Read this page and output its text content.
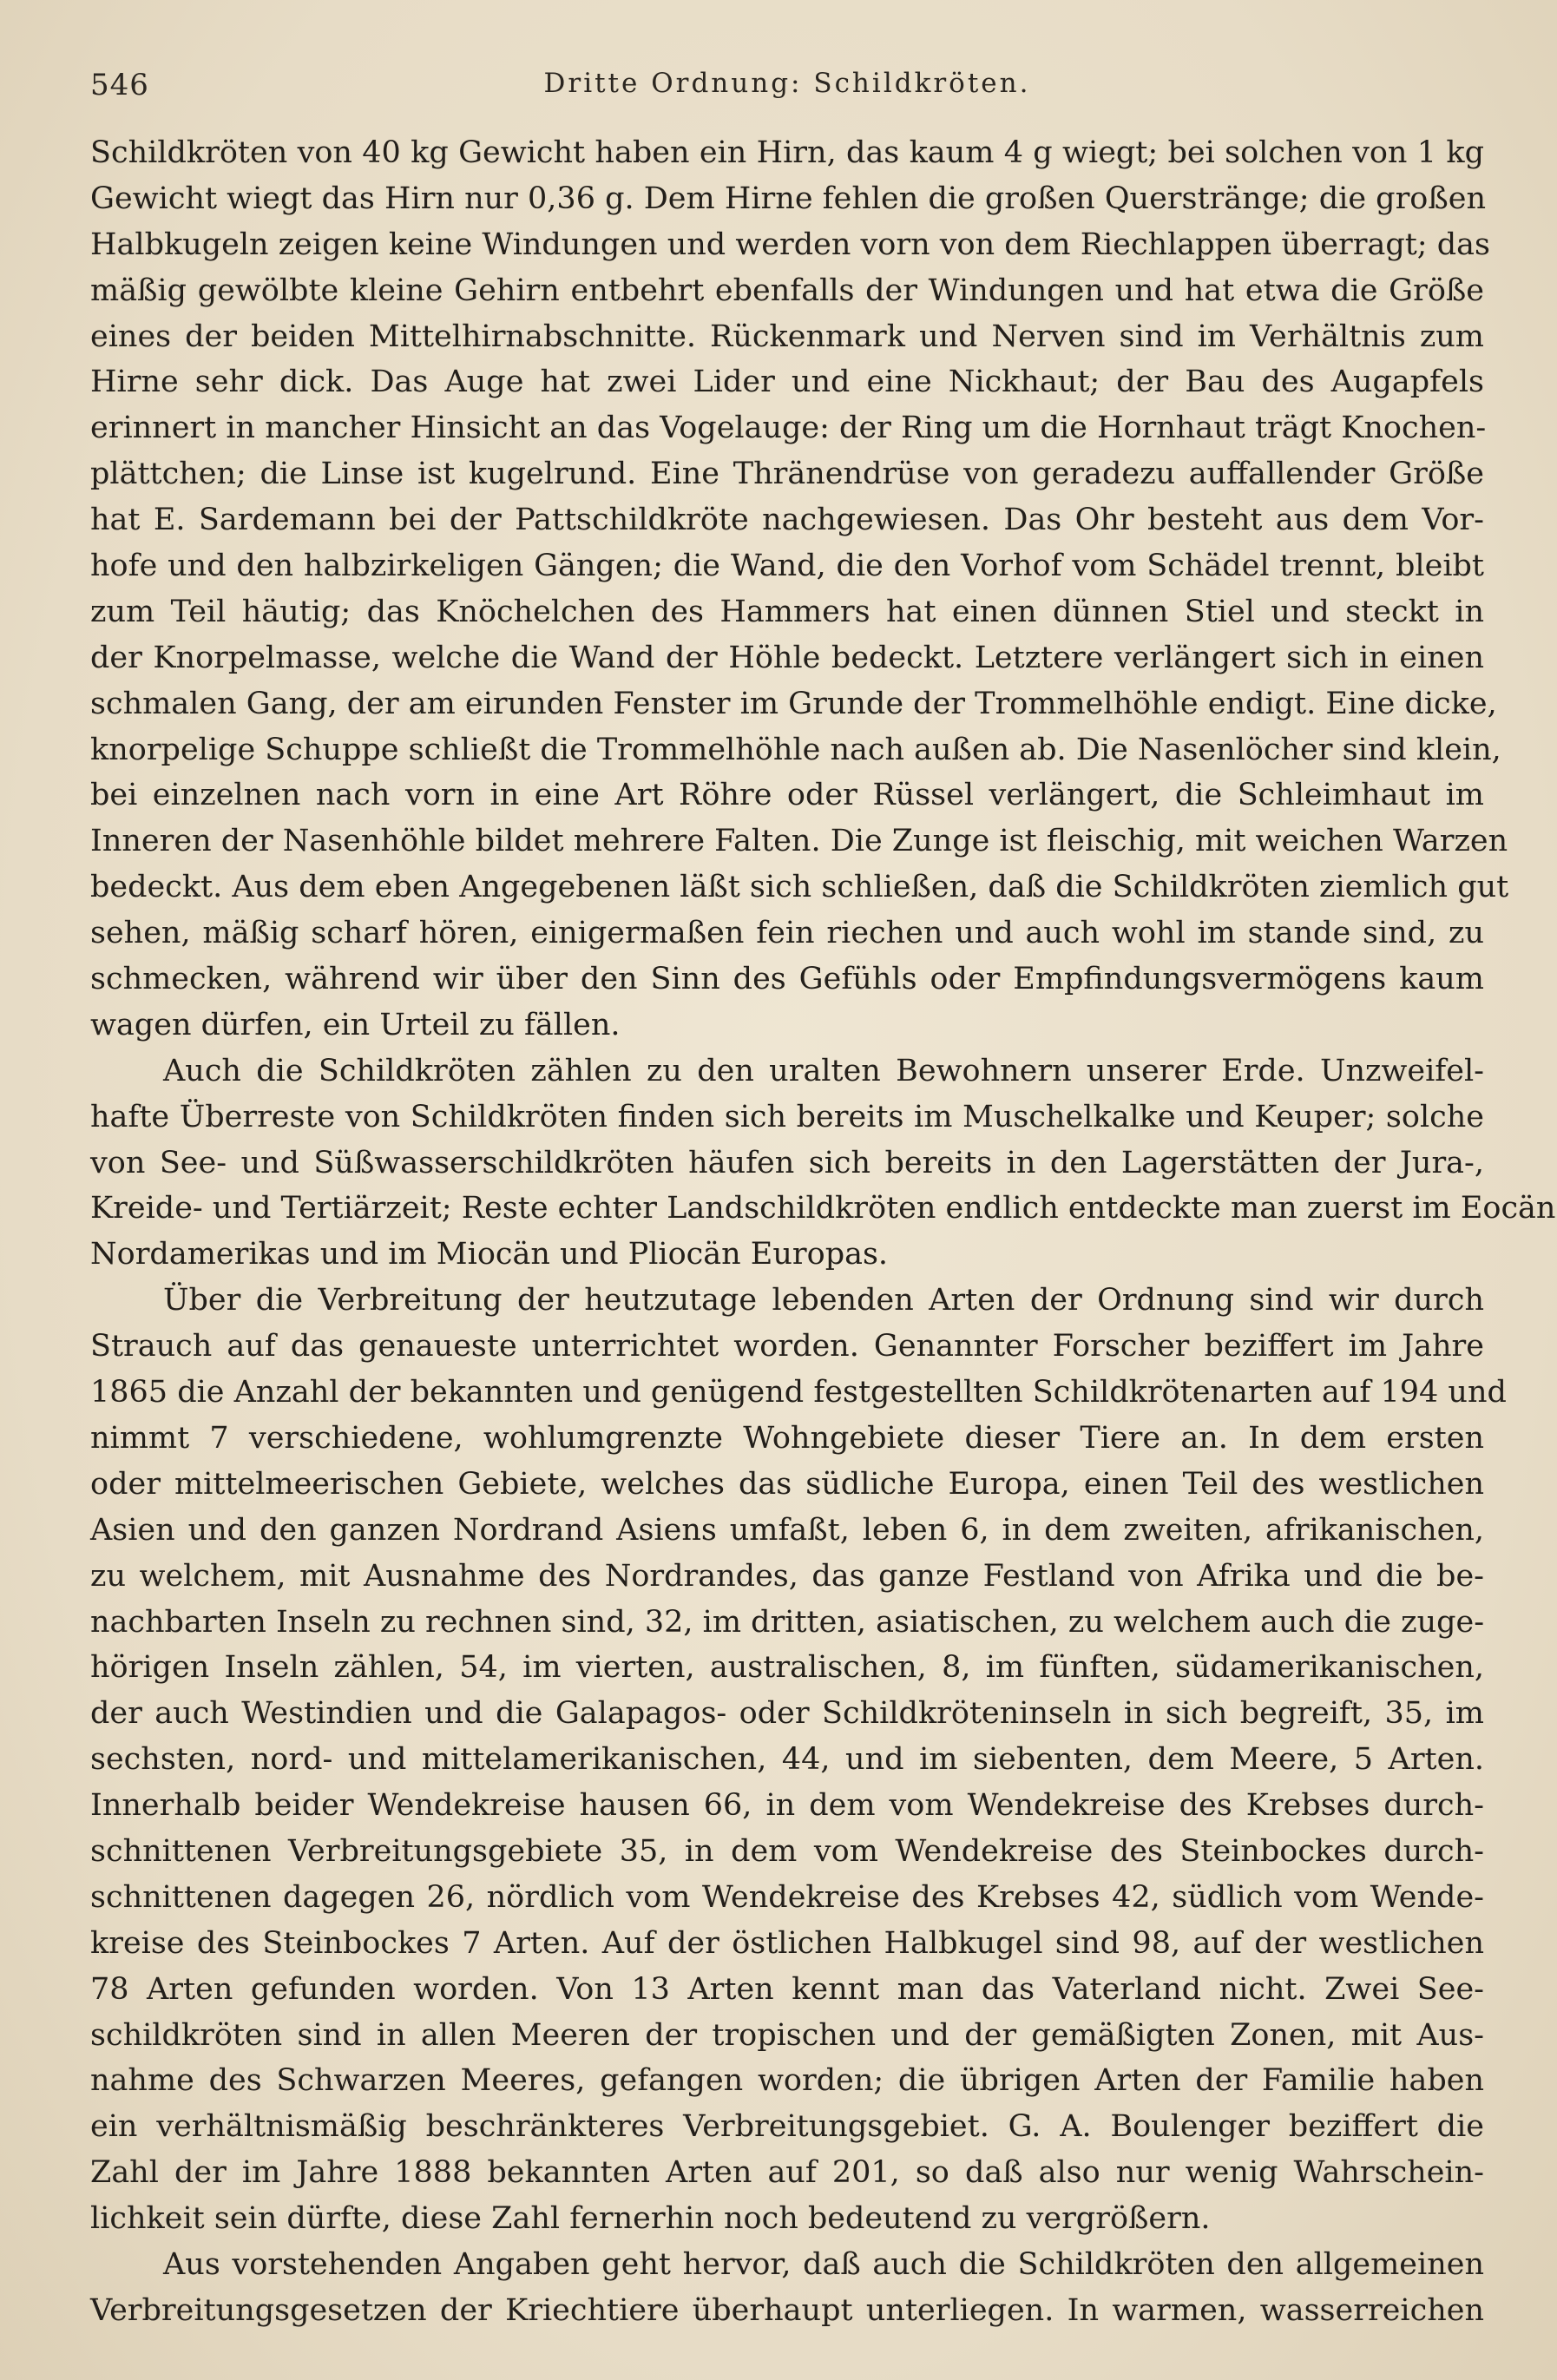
546	Dritte Ordnung: Schildkröten.
Schildkröten von 40 kg Gewicht haben ein Hirn, das kaum 4 g wiegt; bei solchen von 1 kg
Gewicht wiegt das Hirn nur 0,36 g. Dem Hirne fehlen die großen Querstränge; die großen
Halbkugeln zeigen keine Windungen und werden vorn von dem Riechlappen überragt; das
mäßig gewölbte kleine Gehirn entbehrt ebenfalls der Windungen und hat etwa die Größe
eines der beiden Mittelhirnabschnitte. Rückenmark und Nerven sind im Verhältnis zum
Hirne sehr dick. Das Auge hat zwei Lider und eine Nickhaut; der Bau des Augapfels
erinnert in mancher Hinsicht an das Vogelauge: der Ring um die Hornhaut trägt Knochen-
plättchen; die Linse ist kugelrund. Eine Thränendrüse von geradezu auffallender Größe
hat E. Sardemann bei der Pattschildkröte nachgewiesen. Das Ohr besteht aus dem Vor-
hofe und den halbzirkeligen Gängen; die Wand, die den Vorhof vom Schädel trennt, bleibt
zum Teil häutig; das Knöchelchen des Hammers hat einen dünnen Stiel und steckt in
der Knorpelmasse, welche die Wand der Höhle bedeckt. Letztere verlängert sich in einen
schmalen Gang, der am eirunden Fenster im Grunde der Trommelhöhle endigt. Eine dicke,
knorpelige Schuppe schließt die Trommelhöhle nach außen ab. Die Nasenlöcher sind klein,
bei einzelnen nach vorn in eine Art Röhre oder Rüssel verlängert, die Schleimhaut im
Inneren der Nasenhöhle bildet mehrere Falten. Die Zunge ist fleischig, mit weichen Warzen
bedeckt. Aus dem eben Angegebenen läßt sich schließen, daß die Schildkröten ziemlich gut
sehen, mäßig scharf hören, einigermaßen fein riechen und auch wohl im stande sind, zu
schmecken, während wir über den Sinn des Gefühls oder Empfindungsvermögens kaum
wagen dürfen, ein Urteil zu fällen.
Auch die Schildkröten zählen zu den uralten Bewohnern unserer Erde. Unzweifel-
hafte Überreste von Schildkröten finden sich bereits im Muschelkalke und Keuper; solche
von See- und Süßwasserschildkröten häufen sich bereits in den Lagerstätten der Jura-,
Kreide- und Tertiärzeit; Reste echter Landschildkröten endlich entdeckte man zuerst im Eocän
Nordamerikas und im Miocän und Pliocän Europas.
Über die Verbreitung der heutzutage lebenden Arten der Ordnung sind wir durch
Strauch auf das genaueste unterrichtet worden. Genannter Forscher beziffert im Jahre
1865 die Anzahl der bekannten und genügend festgestellten Schildkrötenarten auf 194 und
nimmt 7 verschiedene, wohlumgrenzte Wohngebiete dieser Tiere an. In dem ersten
oder mittelmeerischen Gebiete, welches das südliche Europa, einen Teil des westlichen
Asien und den ganzen Nordrand Asiens umfaßt, leben 6, in dem zweiten, afrikanischen,
zu welchem, mit Ausnahme des Nordrandes, das ganze Festland von Afrika und die be-
nachbarten Inseln zu rechnen sind, 32, im dritten, asiatischen, zu welchem auch die zuge-
hörigen Inseln zählen, 54, im vierten, australischen, 8, im fünften, südamerikanischen,
der auch Westindien und die Galapagos- oder Schildkröteninseln in sich begreift, 35, im
sechsten, nord- und mittelamerikanischen, 44, und im siebenten, dem Meere, 5 Arten.
Innerhalb beider Wendekreise hausen 66, in dem vom Wendekreise des Krebses durch-
schnittenen Verbreitungsgebiete 35, in dem vom Wendekreise des Steinbockes durch-
schnittenen dagegen 26, nördlich vom Wendekreise des Krebses 42, südlich vom Wende-
kreise des Steinbockes 7 Arten. Auf der östlichen Halbkugel sind 98, auf der westlichen
78 Arten gefunden worden. Von 13 Arten kennt man das Vaterland nicht. Zwei See-
schildkröten sind in allen Meeren der tropischen und der gemäßigten Zonen, mit Aus-
nahme des Schwarzen Meeres, gefangen worden; die übrigen Arten der Familie haben
ein verhältnismäßig beschränkteres Verbreitungsgebiet. G. A. Boulenger beziffert die
Zahl der im Jahre 1888 bekannten Arten auf 201, so daß also nur wenig Wahrschein-
lichkeit sein dürfte, diese Zahl fernerhin noch bedeutend zu vergrößern.
Aus vorstehenden Angaben geht hervor, daß auch die Schildkröten den allgemeinen
Verbreitungsgesetzen der Kriechtiere überhaupt unterliegen. In warmen, wasserreichen
